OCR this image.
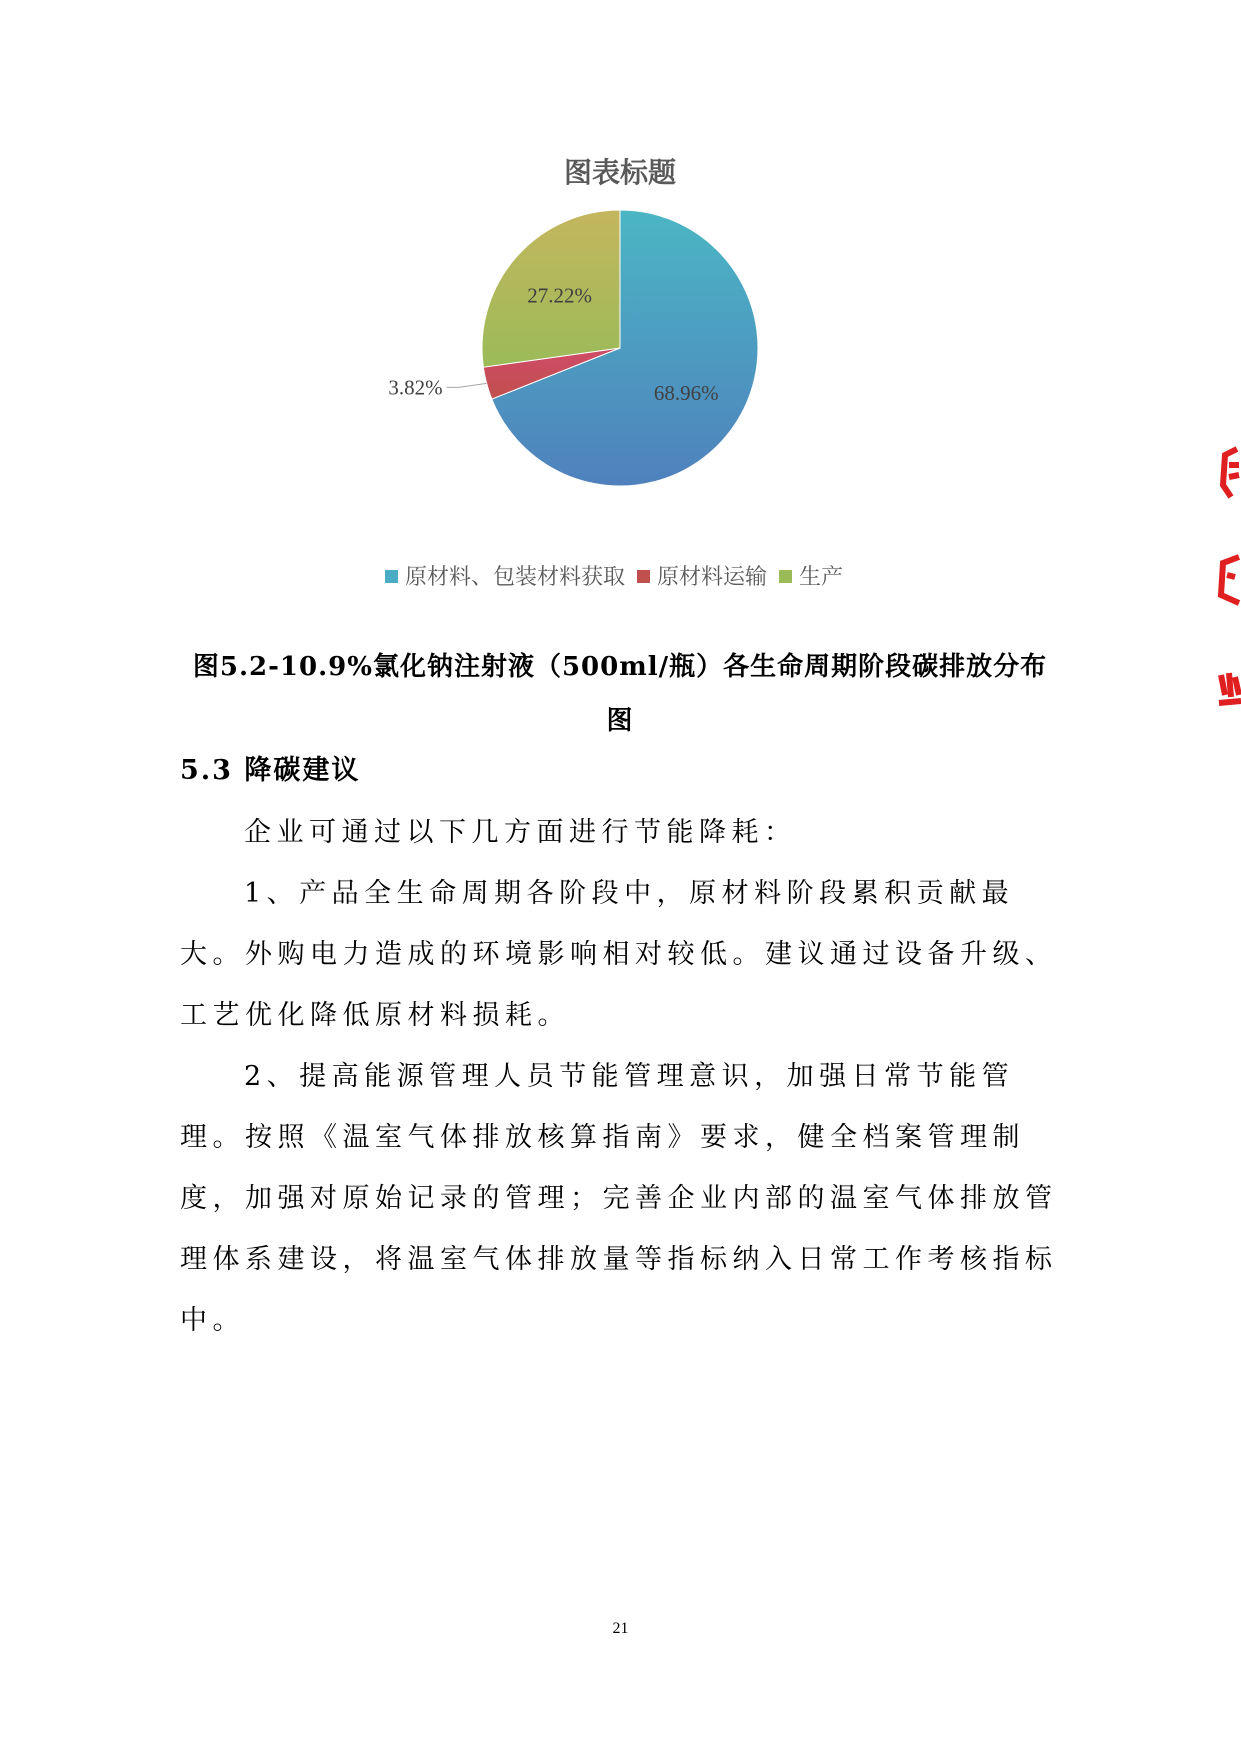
图表标题
68.96%
3.82%
27.22%
原材料、包装材料获取 原材料运输 生产

图5.2-10.9%氯化钠注射液（500ml/瓶）各生命周期阶段碳排放分布

图

5.3 降碳建议

企业可通过以下几方面进行节能降耗：

1、产品全生命周期各阶段中，原材料阶段累积贡献最大。外购电力造成的环境影响相对较低。建议通过设备升级、工艺优化降低原材料损耗。

2、提高能源管理人员节能管理意识，加强日常节能管理。按照《温室气体排放核算指南》要求，健全档案管理制度，加强对原始记录的管理；完善企业内部的温室气体排放管理体系建设，将温室气体排放量等指标纳入日常工作考核指标中。

21
